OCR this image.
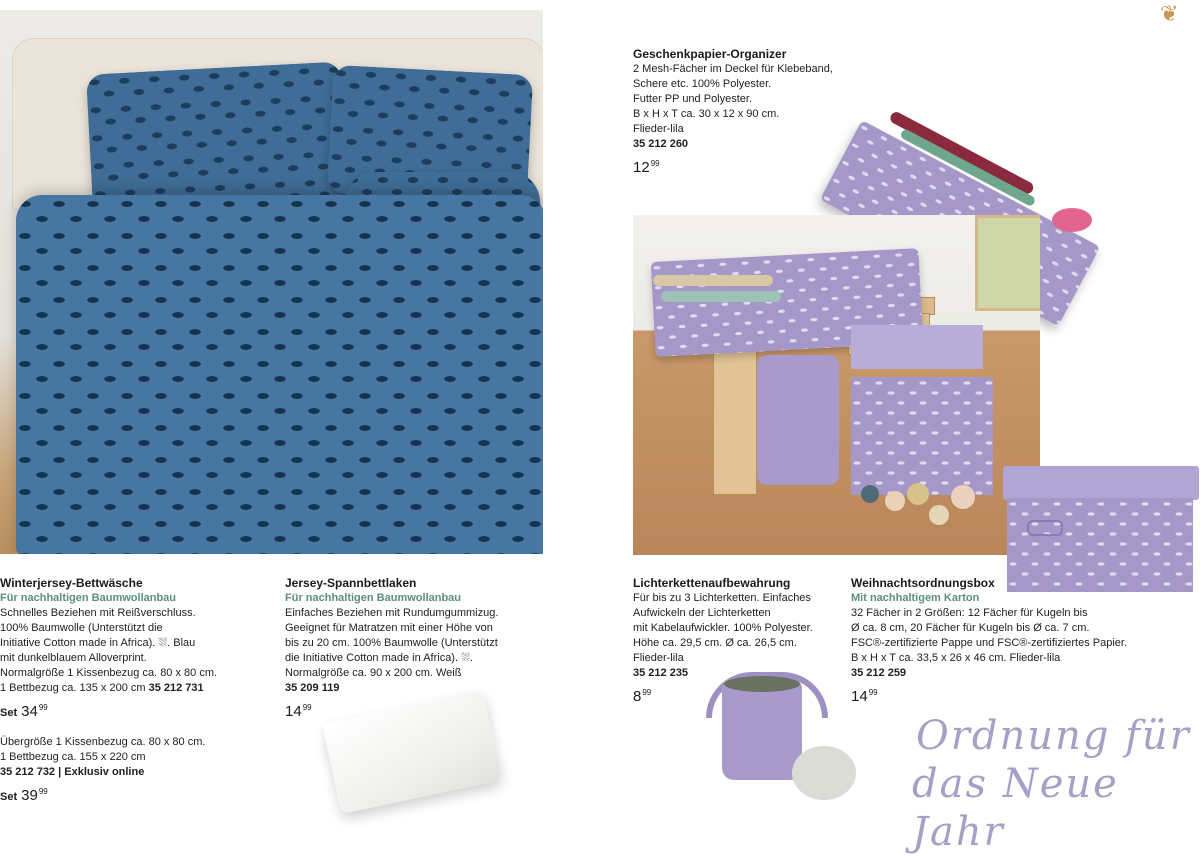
❦

Geschenkpapier-Organizer

2 Mesh-Fächer im Deckel für Klebeband,

Schere etc. 100% Polyester.

Futter PP und Polyester.

B x H x T ca. 30 x 12 x 90 cm.

Flieder-lila

35 212 260

$12^{99}$

Winterjersey-Bettwäsche

Für nachhaltigen Baumwollanbau

Schnelles Beziehen mit Reißverschluss.

100% Baumwolle (Unterstützt die

Initiative Cotton made in Africa). ⛆. Blau

mit dunkelblauem Alloverprint.

Normalgröße 1 Kissenbezug ca. 80 x 80 cm.

1 Bettbezug ca. 135 x 200 cm 35 212 731

Set $34^{99}$

Übergröße 1 Kissenbezug ca. 80 x 80 cm.

1 Bettbezug ca. 155 x 220 cm

35 212 732 | Exklusiv online

Set $39^{99}$

Jersey-Spannbettlaken

Für nachhaltigen Baumwollanbau

Einfaches Beziehen mit Rundumgummizug.

Geeignet für Matratzen mit einer Höhe von

bis zu 20 cm. 100% Baumwolle (Unterstützt

die Initiative Cotton made in Africa). ⛆.

Normalgröße ca. 90 x 200 cm. Weiß

35 209 119

$14^{99}$

Lichterkettenaufbewahrung

Für bis zu 3 Lichterketten. Einfaches

Aufwickeln der Lichterketten

mit Kabelaufwickler. 100% Polyester.

Höhe ca. 29,5 cm. Ø ca. 26,5 cm.

Flieder-lila

35 212 235

$8^{99}$

Weihnachtsordnungsbox

Mit nachhaltigem Karton

32 Fächer in 2 Größen: 12 Fächer für Kugeln bis

Ø ca. 8 cm, 20 Fächer für Kugeln bis Ø ca. 7 cm.

FSC®-zertifizierte Pappe und FSC®-zertifiziertes Papier.

B x H x T ca. 33,5 x 26 x 46 cm. Flieder-lila

35 212 259

$14^{99}$

Ordnung für
das Neue Jahr
